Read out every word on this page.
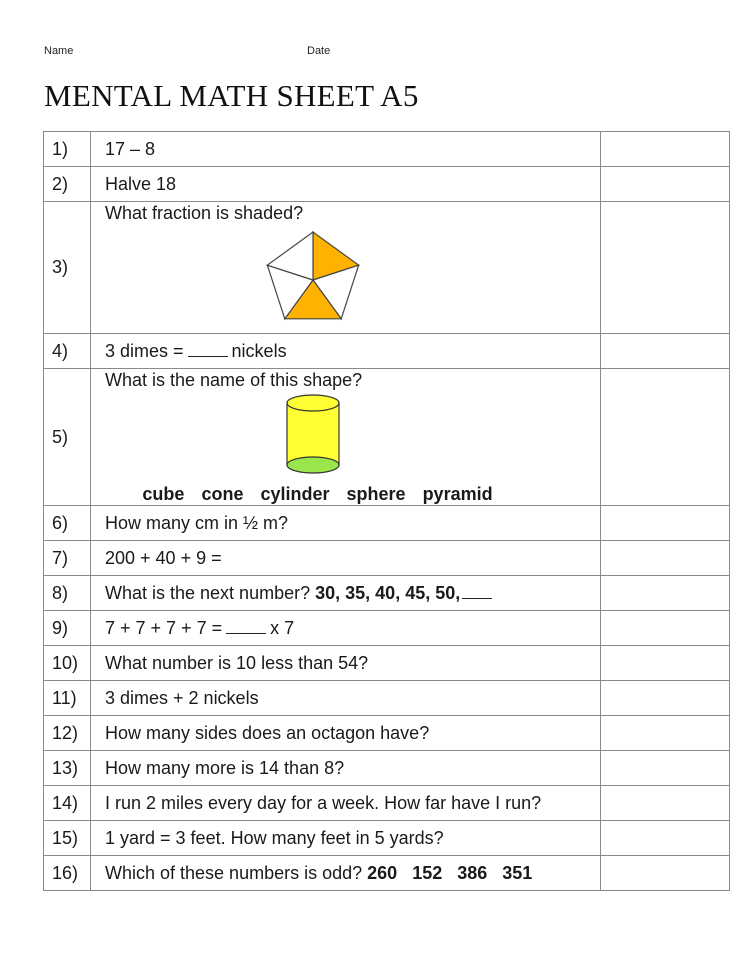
Name	Date
MENTAL MATH SHEET A5
1)	17 – 8	
2)	Halve 18	
3)	What fraction is shaded?

4)	3 dimes = nickels	
5)	What is the name of this shape?
cube cone cylinder sphere pyramid	

6)	How many cm in ½ m?	
7)	200 + 40 + 9 =	
8)	What is the next number? 30, 35, 40, 45, 50,	
9)	7 + 7 + 7 + 7 = x 7	
10)	What number is 10 less than 54?	
11)	3 dimes + 2 nickels	
12)	How many sides does an octagon have?	
13)	How many more is 14 than 8?	
14)	I run 2 miles every day for a week. How far have I run?	
15)	1 yard = 3 feet. How many feet in 5 yards?	
16)	Which of these numbers is odd? 260   152   386   351	
